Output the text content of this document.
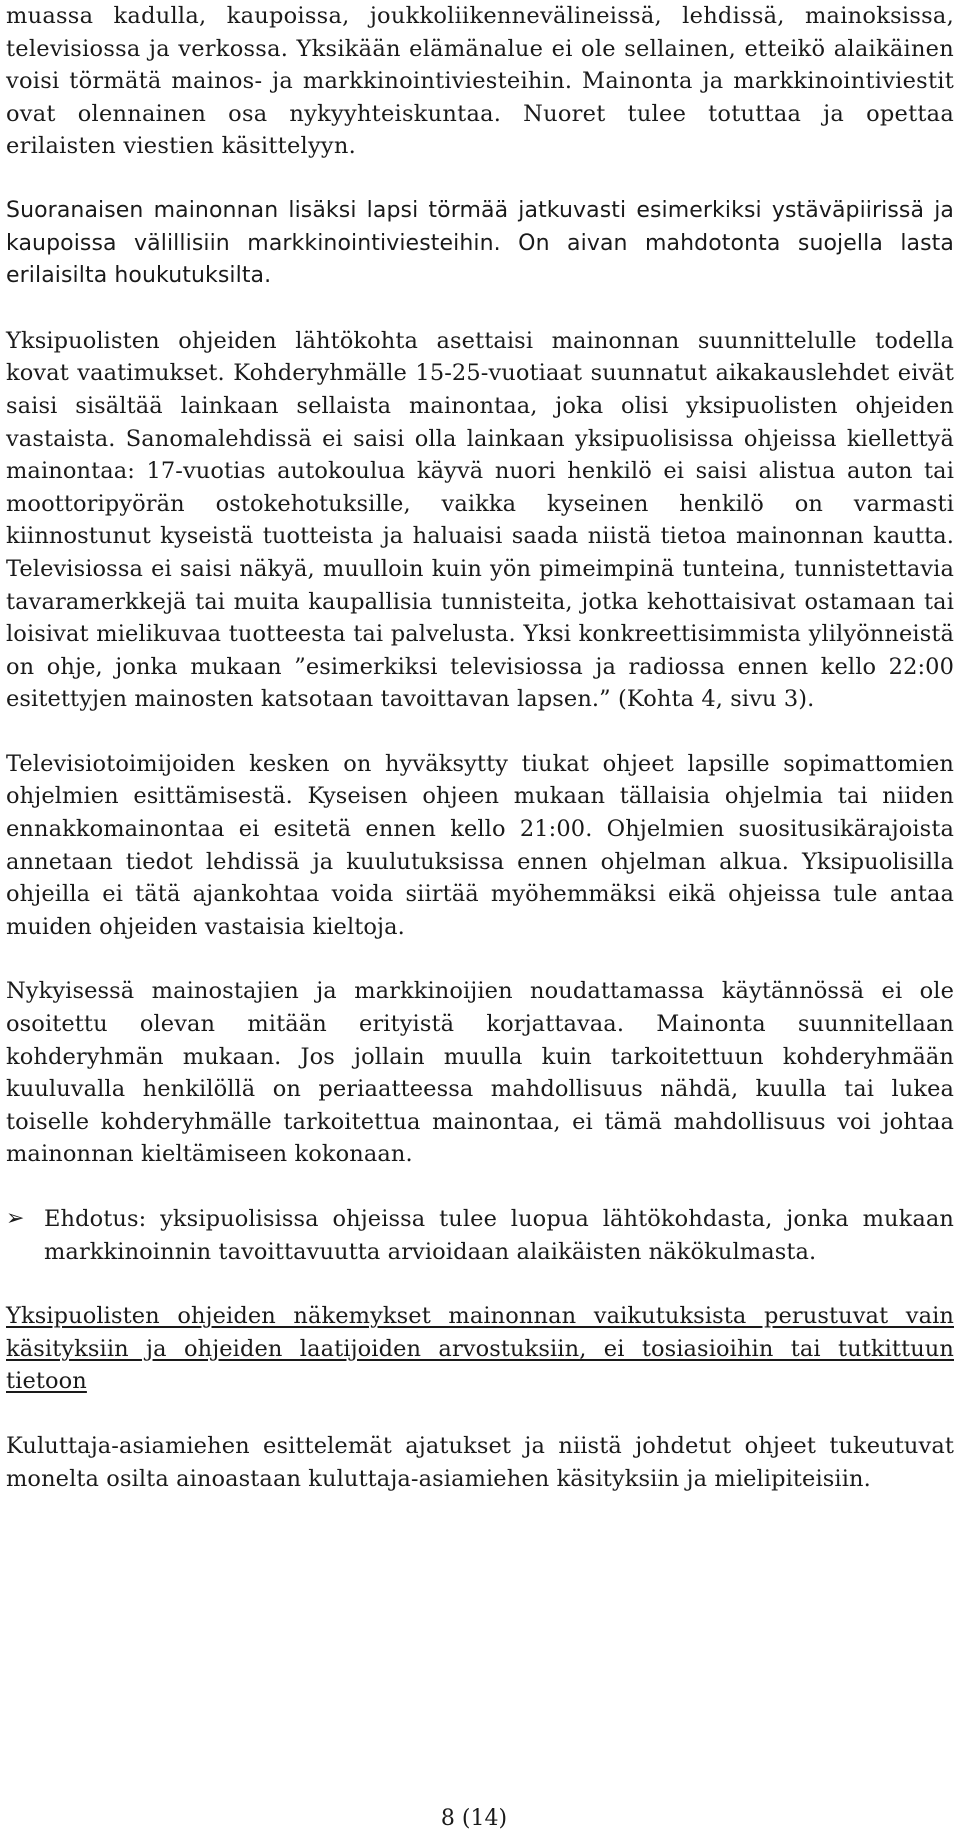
muassa kadulla, kaupoissa, joukkoliikennevälineissä, lehdissä, mainoksissa, televisiossa ja verkossa. Yksikään elämänalue ei ole sellainen, etteikö alaikäinen voisi törmätä mainos- ja markkinointiviesteihin. Mainonta ja markkinointiviestit ovat olennainen osa nykyyhteiskuntaa. Nuoret tulee totuttaa ja opettaa erilaisten viestien käsittelyyn.

Suoranaisen mainonnan lisäksi lapsi törmää jatkuvasti esimerkiksi ystäväpiirissä ja kaupoissa välillisiin markkinointiviesteihin. On aivan mahdotonta suojella lasta erilaisilta houkutuksilta.

Yksipuolisten ohjeiden lähtökohta asettaisi mainonnan suunnittelulle todella kovat vaatimukset. Kohderyhmälle 15-25-vuotiaat suunnatut aikakauslehdet eivät saisi sisältää lainkaan sellaista mainontaa, joka olisi yksipuolisten ohjeiden vastaista. Sanomalehdissä ei saisi olla lainkaan yksipuolisissa ohjeissa kiellettyä mainontaa: 17-vuotias autokoulua käyvä nuori henkilö ei saisi alistua auton tai moottoripyörän ostokehotuksille, vaikka kyseinen henkilö on varmasti kiinnostunut kyseistä tuotteista ja haluaisi saada niistä tietoa mainonnan kautta. Televisiossa ei saisi näkyä, muulloin kuin yön pimeimpinä tunteina, tunnistettavia tavaramerkkejä tai muita kaupallisia tunnisteita, jotka kehottaisivat ostamaan tai loisivat mielikuvaa tuotteesta tai palvelusta. Yksi konkreettisimmista ylilyönneistä on ohje, jonka mukaan ”esimerkiksi televisiossa ja radiossa ennen kello 22:00 esitettyjen mainosten katsotaan tavoittavan lapsen.” (Kohta 4, sivu 3).

Televisiotoimijoiden kesken on hyväksytty tiukat ohjeet lapsille sopimattomien ohjelmien esittämisestä. Kyseisen ohjeen mukaan tällaisia ohjelmia tai niiden ennakkomainontaa ei esitetä ennen kello 21:00. Ohjelmien suositusikärajoista annetaan tiedot lehdissä ja kuulutuksissa ennen ohjelman alkua. Yksipuolisilla ohjeilla ei tätä ajankohtaa voida siirtää myöhemmäksi eikä ohjeissa tule antaa muiden ohjeiden vastaisia kieltoja.

Nykyisessä mainostajien ja markkinoijien noudattamassa käytännössä ei ole osoitettu olevan mitään erityistä korjattavaa. Mainonta suunnitellaan kohderyhmän mukaan. Jos jollain muulla kuin tarkoitettuun kohderyhmään kuuluvalla henkilöllä on periaatteessa mahdollisuus nähdä, kuulla tai lukea toiselle kohderyhmälle tarkoitettua mainontaa, ei tämä mahdollisuus voi johtaa mainonnan kieltämiseen kokonaan.

➢ Ehdotus: yksipuolisissa ohjeissa tulee luopua lähtökohdasta, jonka mukaan markkinoinnin tavoittavuutta arvioidaan alaikäisten näkökulmasta.

Yksipuolisten ohjeiden näkemykset mainonnan vaikutuksista perustuvat vain käsityksiin ja ohjeiden laatijoiden arvostuksiin, ei tosiasioihin tai tutkittuun tietoon

Kuluttaja-asiamiehen esittelemät ajatukset ja niistä johdetut ohjeet tukeutuvat monelta osilta ainoastaan kuluttaja-asiamiehen käsityksiin ja mielipiteisiin.

8 (14)
